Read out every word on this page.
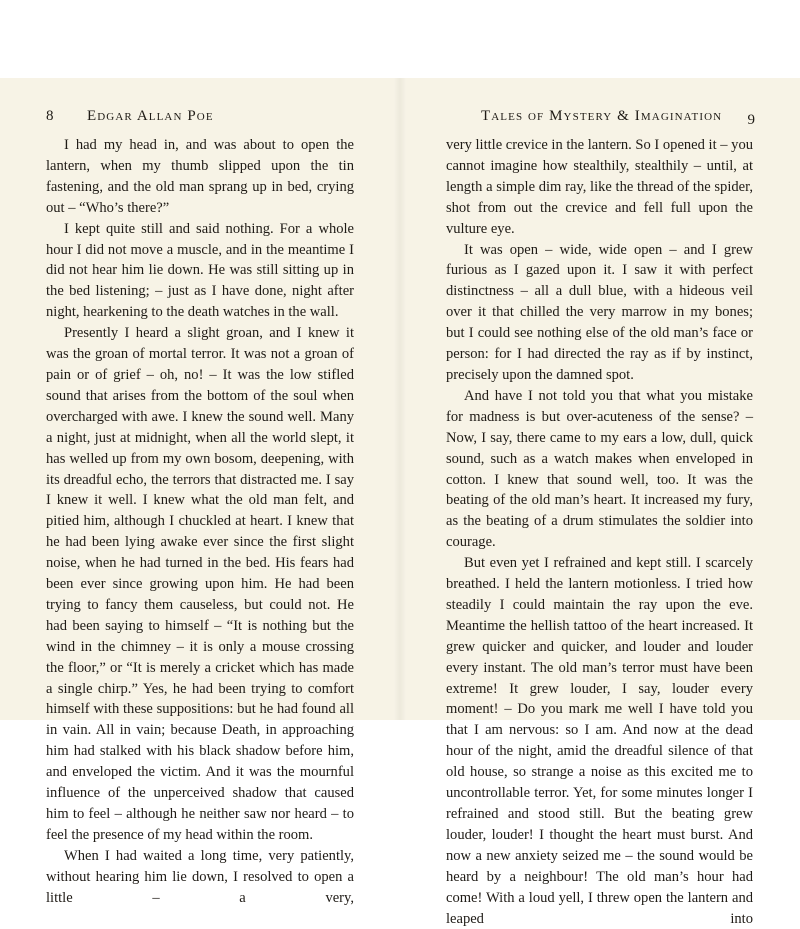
8 Edgar Allan Poe

I had my head in, and was about to open the lantern, when my thumb slipped upon the tin fastening, and the old man sprang up in bed, crying out – “Who’s there?”

I kept quite still and said nothing. For a whole hour I did not move a muscle, and in the meantime I did not hear him lie down. He was still sitting up in the bed listening; – just as I have done, night after night, hearkening to the death watches in the wall.

Presently I heard a slight groan, and I knew it was the groan of mortal terror. It was not a groan of pain or of grief – oh, no! – It was the low stifled sound that arises from the bottom of the soul when overcharged with awe. I knew the sound well. Many a night, just at midnight, when all the world slept, it has welled up from my own bosom, deepening, with its dreadful echo, the terrors that distracted me. I say I knew it well. I knew what the old man felt, and pitied him, although I chuckled at heart. I knew that he had been lying awake ever since the first slight noise, when he had turned in the bed. His fears had been ever since growing upon him. He had been trying to fancy them causeless, but could not. He had been saying to himself – “It is nothing but the wind in the chimney – it is only a mouse crossing the floor,” or “It is merely a cricket which has made a single chirp.” Yes, he had been trying to comfort himself with these suppositions: but he had found all in vain. All in vain; because Death, in approaching him had stalked with his black shadow before him, and enveloped the victim. And it was the mournful influence of the unperceived shadow that caused him to feel – although he neither saw nor heard – to feel the presence of my head within the room.

When I had waited a long time, very patiently, without hearing him lie down, I resolved to open a little – a very,

Tales of Mystery & Imagination 9

very little crevice in the lantern. So I opened it – you cannot imagine how stealthily, stealthily – until, at length a simple dim ray, like the thread of the spider, shot from out the crevice and fell full upon the vulture eye.

It was open – wide, wide open – and I grew furious as I gazed upon it. I saw it with perfect distinctness – all a dull blue, with a hideous veil over it that chilled the very marrow in my bones; but I could see nothing else of the old man’s face or person: for I had directed the ray as if by instinct, precisely upon the damned spot.

And have I not told you that what you mistake for madness is but over-acuteness of the sense? – Now, I say, there came to my ears a low, dull, quick sound, such as a watch makes when enveloped in cotton. I knew that sound well, too. It was the beating of the old man’s heart. It increased my fury, as the beating of a drum stimulates the soldier into courage.

But even yet I refrained and kept still. I scarcely breathed. I held the lantern motionless. I tried how steadily I could maintain the ray upon the eve. Meantime the hellish tattoo of the heart increased. It grew quicker and quicker, and louder and louder every instant. The old man’s terror must have been extreme! It grew louder, I say, louder every moment! – Do you mark me well I have told you that I am nervous: so I am. And now at the dead hour of the night, amid the dreadful silence of that old house, so strange a noise as this excited me to uncontrollable terror. Yet, for some minutes longer I refrained and stood still. But the beating grew louder, louder! I thought the heart must burst. And now a new anxiety seized me – the sound would be heard by a neighbour! The old man’s hour had come! With a loud yell, I threw open the lantern and leaped into
